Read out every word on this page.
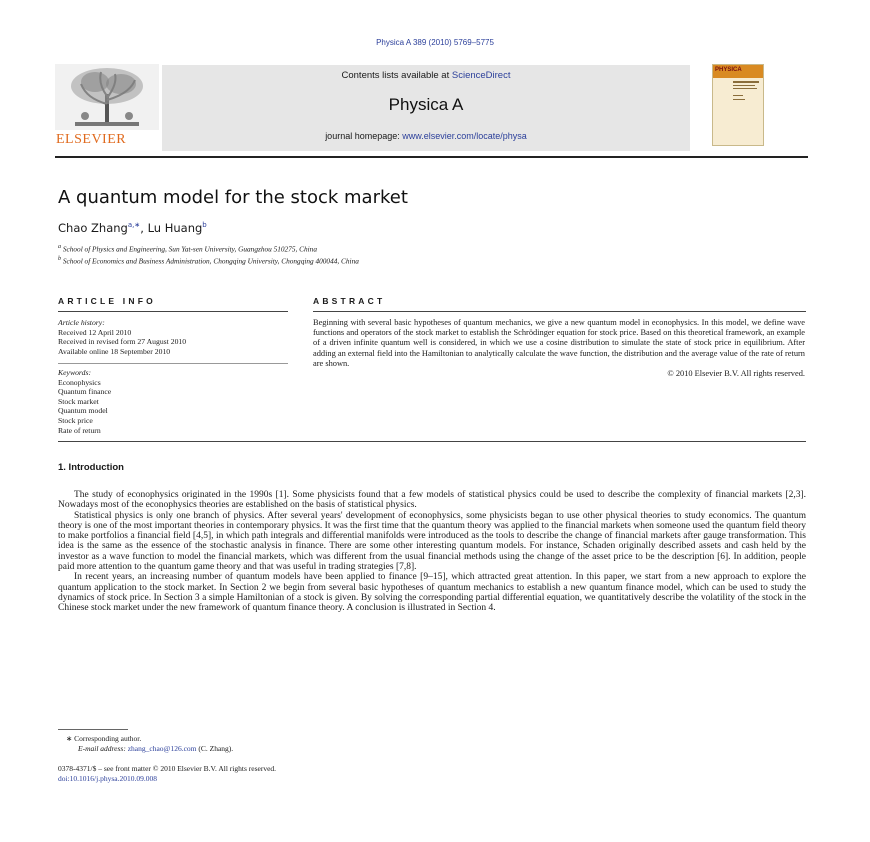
Physica A 389 (2010) 5769–5775
ELSEVIER
Contents lists available at ScienceDirect
Physica A
journal homepage: www.elsevier.com/locate/physa
PHYSICA
A quantum model for the stock market
Chao Zhang$^{a,∗}$, Lu Huang$^b$
$^a$ School of Physics and Engineering, Sun Yat-sen University, Guangzhou 510275, China
$^b$ School of Economics and Business Administration, Chongqing University, Chongqing 400044, China
ARTICLE INFO
Article history:
Received 12 April 2010
Received in revised form 27 August 2010
Available online 18 September 2010
Keywords:
Econophysics
Quantum finance
Stock market
Quantum model
Stock price
Rate of return
ABSTRACT
Beginning with several basic hypotheses of quantum mechanics, we give a new quantum model in econophysics. In this model, we define wave functions and operators of the stock market to establish the Schrödinger equation for stock price. Based on this theoretical framework, an example of a driven infinite quantum well is considered, in which we use a cosine distribution to simulate the state of stock price in equilibrium. After adding an external field into the Hamiltonian to analytically calculate the wave function, the distribution and the average value of the rate of return are shown.
© 2010 Elsevier B.V. All rights reserved.
1. Introduction

The study of econophysics originated in the 1990s [1]. Some physicists found that a few models of statistical physics could be used to describe the complexity of financial markets [2,3]. Nowadays most of the econophysics theories are established on the basis of statistical physics.

Statistical physics is only one branch of physics. After several years' development of econophysics, some physicists began to use other physical theories to study economics. The quantum theory is one of the most important theories in contemporary physics. It was the first time that the quantum theory was applied to the financial markets when someone used the quantum field theory to make portfolios a financial field [4,5], in which path integrals and differential manifolds were introduced as the tools to describe the change of financial markets after gauge transformation. This idea is the same as the essence of the stochastic analysis in finance. There are some other interesting quantum models. For instance, Schaden originally described assets and cash held by the investor as a wave function to model the financial markets, which was different from the usual financial methods using the change of the asset price to be the description [6]. In addition, people paid more attention to the quantum game theory and that was useful in trading strategies [7,8].

In recent years, an increasing number of quantum models have been applied to finance [9–15], which attracted great attention. In this paper, we start from a new approach to explore the quantum application to the stock market. In Section 2 we begin from several basic hypotheses of quantum mechanics to establish a new quantum finance model, which can be used to study the dynamics of stock price. In Section 3 a simple Hamiltonian of a stock is given. By solving the corresponding partial differential equation, we quantitatively describe the volatility of the stock in the Chinese stock market under the new framework of quantum finance theory. A conclusion is illustrated in Section 4.

∗ Corresponding author.
E-mail address: zhang_chao@126.com (C. Zhang).
0378-4371/$ – see front matter © 2010 Elsevier B.V. All rights reserved.
doi:10.1016/j.physa.2010.09.008
